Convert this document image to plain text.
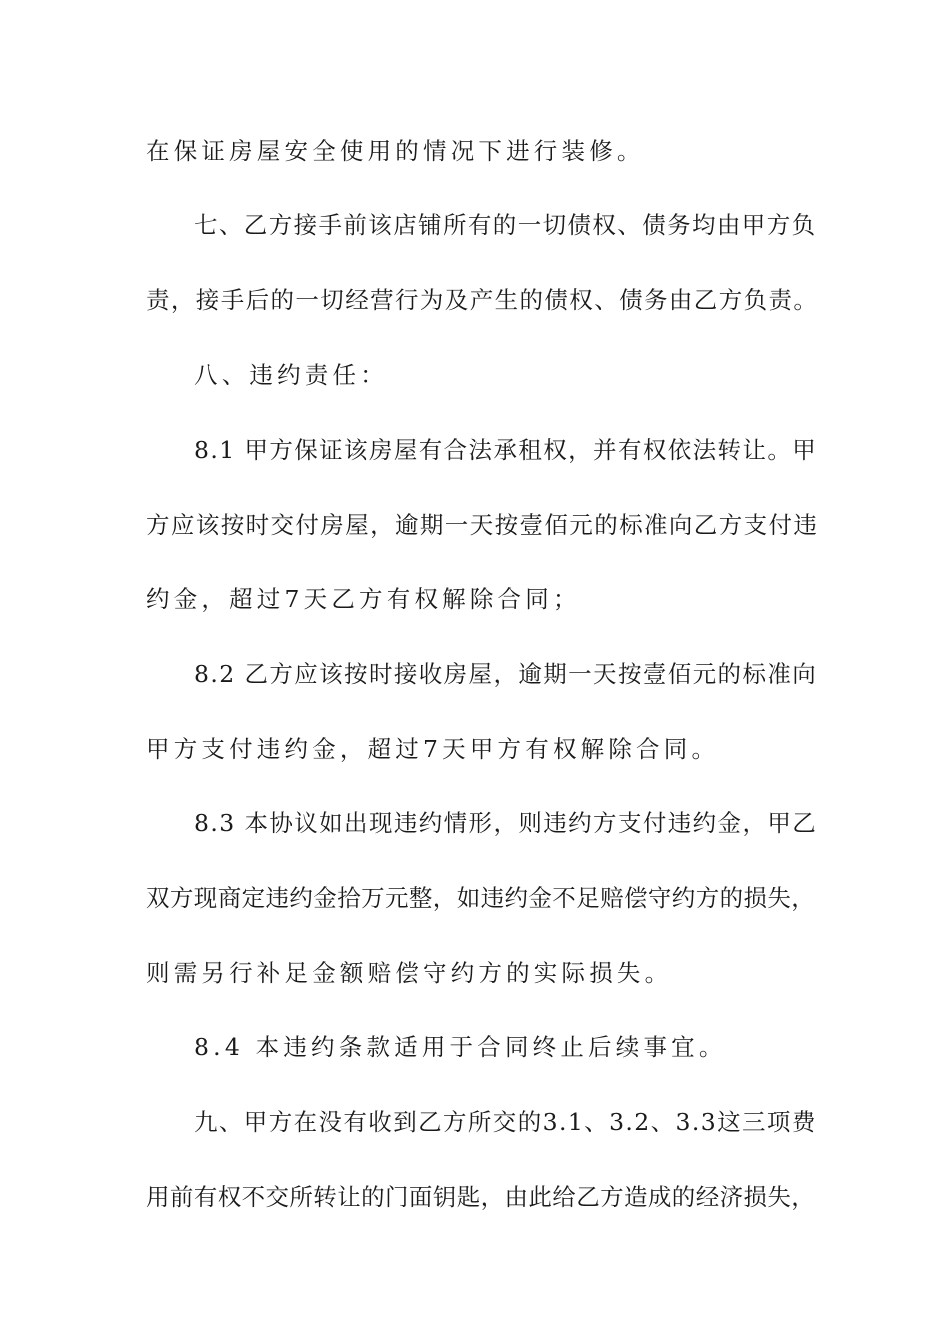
在保证房屋安全使用的情况下进行装修。
七、乙方接手前该店铺所有的一切债权、债务均由甲方负
责，接手后的一切经营行为及产生的债权、债务由乙方负责。
八、违约责任：
8.1 甲方保证该房屋有合法承租权，并有权依法转让。甲
方应该按时交付房屋，逾期一天按壹佰元的标准向乙方支付违
约金，超过7天乙方有权解除合同；
8.2 乙方应该按时接收房屋，逾期一天按壹佰元的标准向
甲方支付违约金，超过7天甲方有权解除合同。
8.3 本协议如出现违约情形，则违约方支付违约金，甲乙
双方现商定违约金拾万元整，如违约金不足赔偿守约方的损失，
则需另行补足金额赔偿守约方的实际损失。
8.4 本违约条款适用于合同终止后续事宜。
九、甲方在没有收到乙方所交的3.1、3.2、3.3这三项费
用前有权不交所转让的门面钥匙，由此给乙方造成的经济损失，
